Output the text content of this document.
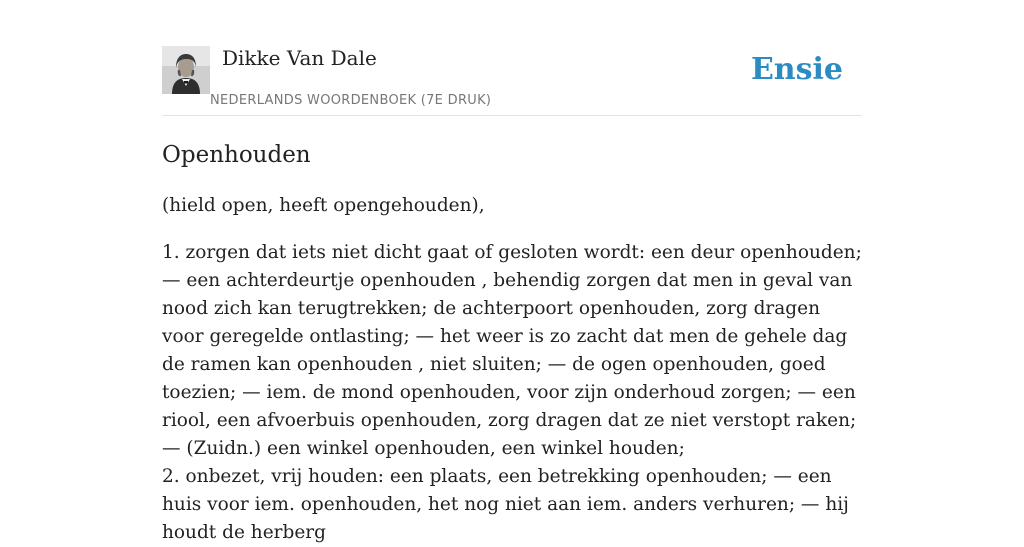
Dikke Van Dale
NEDERLANDS WOORDENBOEK (7E DRUK)
Ensie
Openhouden
(hield open, heeft opengehouden),

1. zorgen dat iets niet dicht gaat of gesloten wordt: een deur openhouden; — een achterdeurtje openhouden , behendig zorgen dat men in geval van nood zich kan terugtrekken; de achterpoort openhouden, zorg dragen voor geregelde ontlasting; — het weer is zo zacht dat men de gehele dag de ramen kan openhouden , niet sluiten; — de ogen openhouden, goed toezien; — iem. de mond openhouden, voor zijn onderhoud zorgen; — een riool, een afvoerbuis openhouden, zorg dragen dat ze niet verstopt raken; — (Zuidn.) een winkel openhouden, een winkel houden;

2. onbezet, vrij houden: een plaats, een betrekking openhouden; — een huis voor iem. openhouden, het nog niet aan iem. anders verhuren; — hij houdt de herberg
